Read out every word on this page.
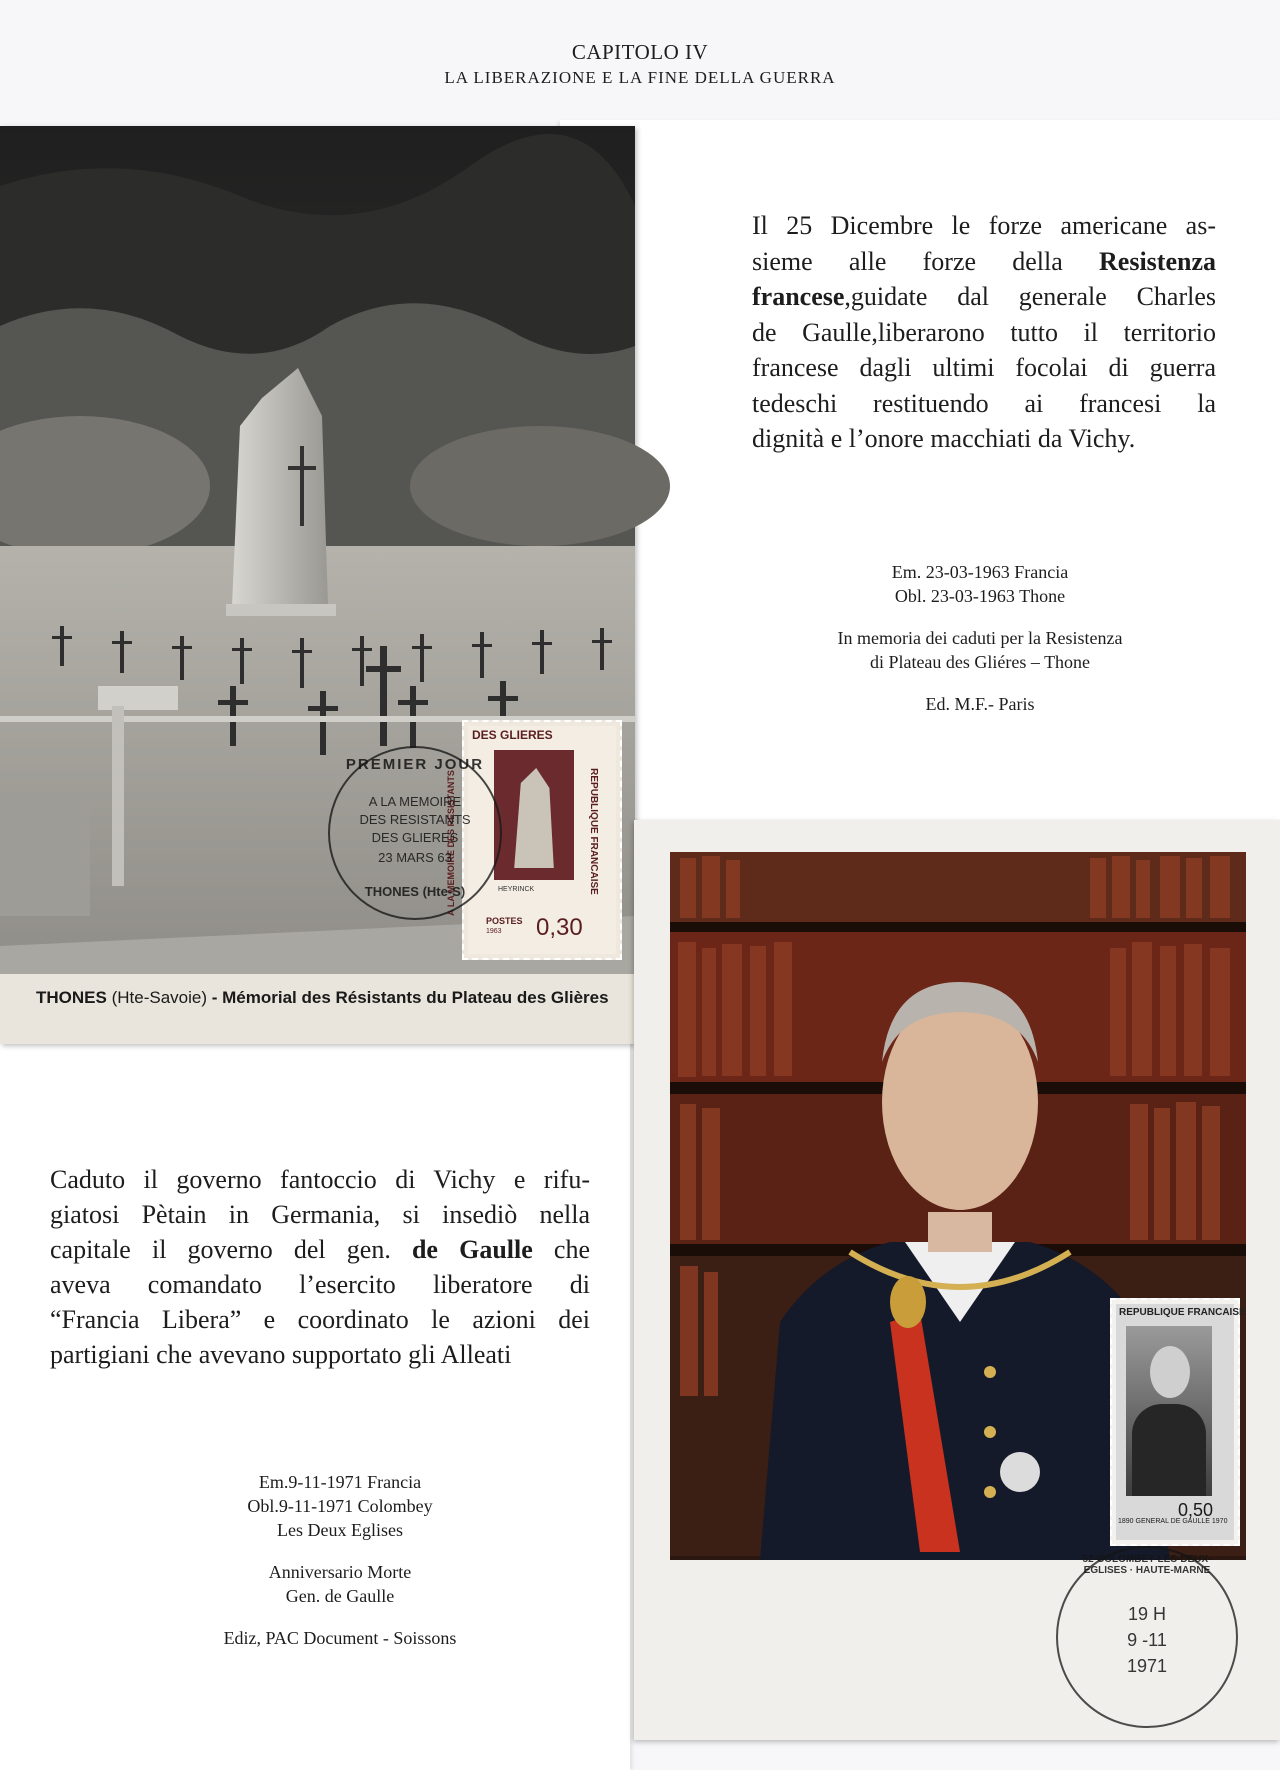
CAPITOLO IV
LA LIBERAZIONE E LA FINE DELLA GUERRA
DES GLIERES
A LA MEMOIRE DES RESISTANTS	REPUBLIQUE FRANCAISE
HEYRINCK
POSTES
1963 0,30
PREMIER JOUR
A LA MEMOIRE
DES RESISTANTS
DES GLIERES
23 MARS 63
THONES (Hte-S)
THONES (Hte-Savoie) - Mémorial des Résistants du Plateau des Glières
Il 25 Dicembre le forze americane as-
sieme alle forze della Resistenza
francese,guidate dal generale Charles
de Gaulle,liberarono tutto il territorio
francese dagli ultimi focolai di guerra
tedeschi restituendo ai francesi la
dignità e l’onore macchiati da Vichy.

Em. 23-03-1963 Francia
Obl. 23-03-1963 Thone

In memoria dei caduti per la Resistenza
di Plateau des Gliéres – Thone

Ed. M.F.- Paris

REPUBLIQUE FRANCAISE
0,50
1890 GENERAL DE GAULLE 1970
52-COLOMBEY-LES-DEUX-EGLISES · HAUTE-MARNE
19 H
9 -11
1971
Caduto il governo fantoccio di Vichy e rifu-
giatosi Pètain in Germania, si insediò nella
capitale il governo del gen. de Gaulle che
aveva comandato l’esercito liberatore di
“Francia Libera” e coordinato le azioni dei
partigiani che avevano supportato gli Alleati

Em.9-11-1971 Francia
Obl.9-11-1971 Colombey
Les Deux Eglises

Anniversario Morte
Gen. de Gaulle

Ediz, PAC Document - Soissons
